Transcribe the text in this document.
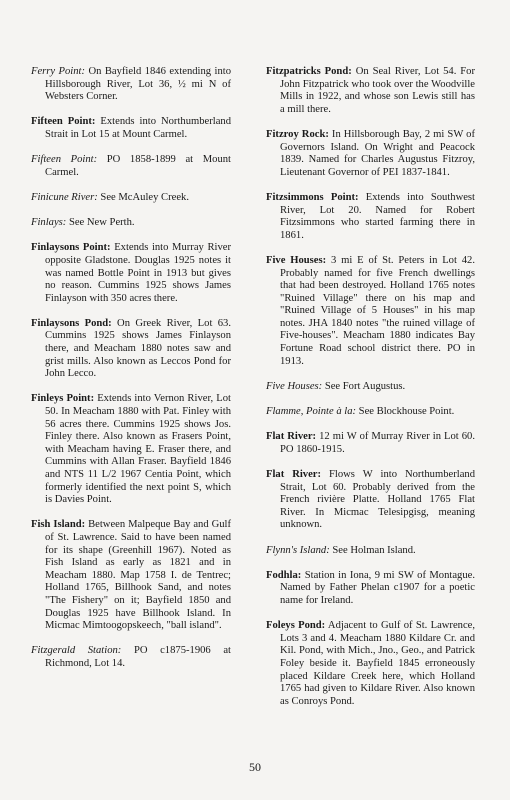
Ferry Point: On Bayfield 1846 extending into Hillsborough River, Lot 36, ½ mi N of Websters Corner.
Fifteen Point: Extends into Northumberland Strait in Lot 15 at Mount Carmel.
Fifteen Point: PO 1858-1899 at Mount Carmel.
Finicune River: See McAuley Creek.
Finlays: See New Perth.
Finlaysons Point: Extends into Murray River opposite Gladstone. Douglas 1925 notes it was named Bottle Point in 1913 but gives no reason. Cummins 1925 shows James Finlayson with 350 acres there.
Finlaysons Pond: On Greek River, Lot 63. Cummins 1925 shows James Finlayson there, and Meacham 1880 notes saw and grist mills. Also known as Leccos Pond for John Lecco.
Finleys Point: Extends into Vernon River, Lot 50. In Meacham 1880 with Pat. Finley with 56 acres there. Cummins 1925 shows Jos. Finley there. Also known as Frasers Point, with Meacham having E. Fraser there, and Cummins with Allan Fraser. Bayfield 1846 and NTS 11 L/2 1967 Centia Point, which formerly identified the next point S, which is Davies Point.
Fish Island: Between Malpeque Bay and Gulf of St. Lawrence. Said to have been named for its shape (Greenhill 1967). Noted as Fish Island as early as 1821 and in Meacham 1880. Map 1758 I. de Tentrec; Holland 1765, Billhook Sand, and notes "The Fishery" on it; Bayfield 1850 and Douglas 1925 have Billhook Island. In Micmac Mimtoogopskeech, "ball island".
Fitzgerald Station: PO c1875-1906 at Richmond, Lot 14.
Fitzpatricks Pond: On Seal River, Lot 54. For John Fitzpatrick who took over the Woodville Mills in 1922, and whose son Lewis still has a mill there.
Fitzroy Rock: In Hillsborough Bay, 2 mi SW of Governors Island. On Wright and Peacock 1839. Named for Charles Augustus Fitzroy, Lieutenant Governor of PEI 1837-1841.
Fitzsimmons Point: Extends into Southwest River, Lot 20. Named for Robert Fitzsimmons who started farming there in 1861.
Five Houses: 3 mi E of St. Peters in Lot 42. Probably named for five French dwellings that had been destroyed. Holland 1765 notes "Ruined Village" there on his map and "Ruined Village of 5 Houses" in his map notes. JHA 1840 notes "the ruined village of Five-houses". Meacham 1880 indicates Bay Fortune Road school district there. PO in 1913.
Five Houses: See Fort Augustus.
Flamme, Pointe à la: See Blockhouse Point.
Flat River: 12 mi W of Murray River in Lot 60. PO 1860-1915.
Flat River: Flows W into Northumberland Strait, Lot 60. Probably derived from the French rivière Platte. Holland 1765 Flat River. In Micmac Telesipgisg, meaning unknown.
Flynn's Island: See Holman Island.
Fodhla: Station in Iona, 9 mi SW of Montague. Named by Father Phelan c1907 for a poetic name for Ireland.
Foleys Pond: Adjacent to Gulf of St. Lawrence, Lots 3 and 4. Meacham 1880 Kildare Cr. and Kil. Pond, with Mich., Jno., Geo., and Patrick Foley beside it. Bayfield 1845 erroneously placed Kildare Creek here, which Holland 1765 had given to Kildare River. Also known as Conroys Pond.
50
